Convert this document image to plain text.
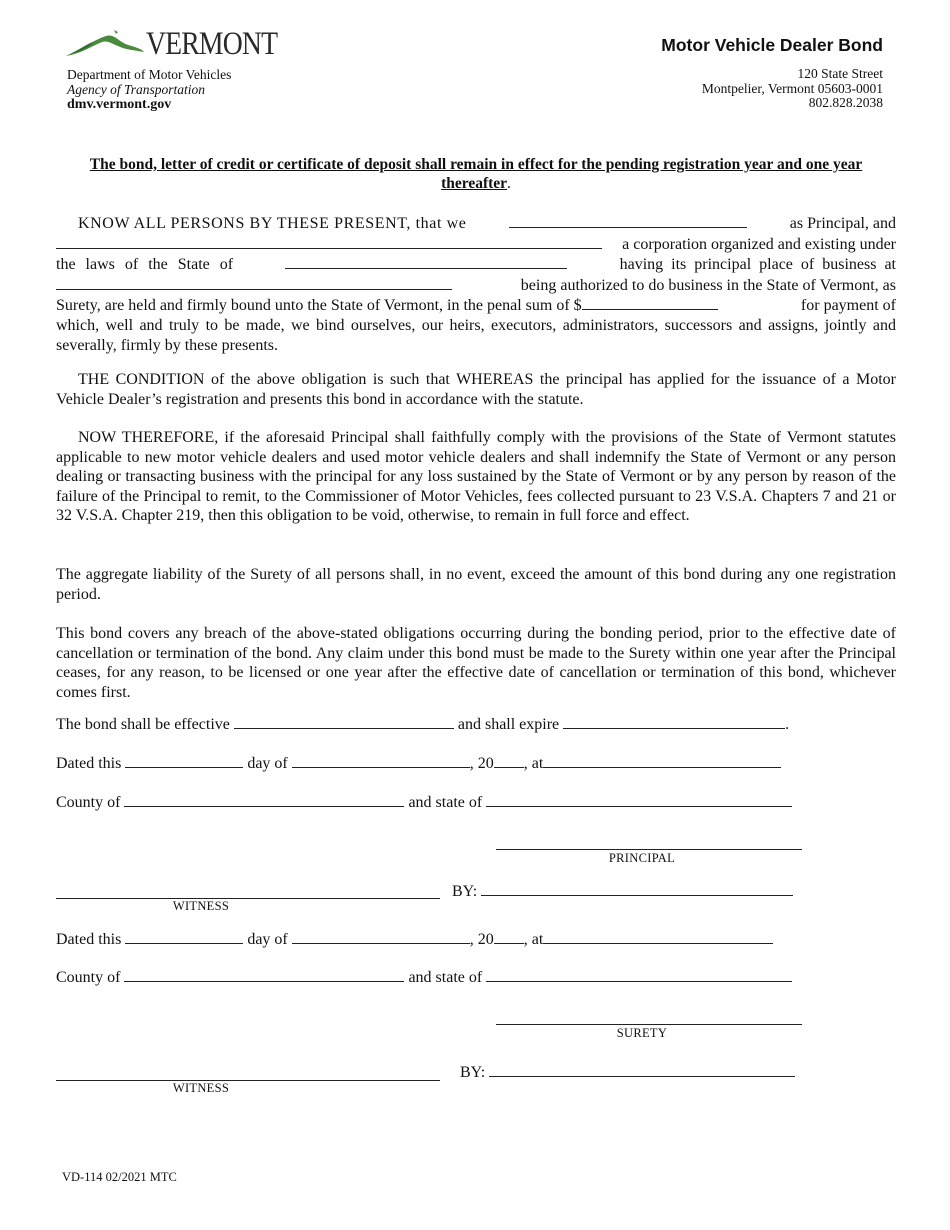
VERMONT
Department of Motor Vehicles
Agency of Transportation
dmv.vermont.gov
Motor Vehicle Dealer Bond
120 State Street
Montpelier, Vermont 05603-0001
802.828.2038
The bond, letter of credit or certificate of deposit shall remain in effect for the pending registration year and one year thereafter.
KNOW ALL PERSONS BY THESE PRESENT, that we	as Principal, and
a corporation organized and existing under
the laws of the State of	having its principal place of business at
being authorized to do business in the State of Vermont, as
Surety, are held and firmly bound unto the State of Vermont, in the penal sum of $	for payment of
which, well and truly to be made, we bind ourselves, our heirs, executors, administrators, successors and assigns, jointly and severally, firmly by these presents.
THE CONDITION of the above obligation is such that WHEREAS the principal has applied for the issuance of a Motor Vehicle Dealer’s registration and presents this bond in accordance with the statute.
NOW THEREFORE, if the aforesaid Principal shall faithfully comply with the provisions of the State of Vermont statutes applicable to new motor vehicle dealers and used motor vehicle dealers and shall indemnify the State of Vermont or any person dealing or transacting business with the principal for any loss sustained by the State of Vermont or by any person by reason of the failure of the Principal to remit, to the Commissioner of Motor Vehicles, fees collected pursuant to 23 V.S.A. Chapters 7 and 21 or 32 V.S.A. Chapter 219, then this obligation to be void, otherwise, to remain in full force and effect.
The aggregate liability of the Surety of all persons shall, in no event, exceed the amount of this bond during any one registration period.
This bond covers any breach of the above-stated obligations occurring during the bonding period, prior to the effective date of cancellation or termination of the bond. Any claim under this bond must be made to the Surety within one year after the Principal ceases, for any reason, to be licensed or one year after the effective date of cancellation or termination of this bond, whichever comes first.
The bond shall be effective	and shall expire	.
Dated this	day of	, 20 , at
County of	and state of
PRINCIPAL
WITNESS
BY:
Dated this	day of	, 20 , at
County of	and state of
SURETY
WITNESS
BY:
VD-114 02/2021 MTC
